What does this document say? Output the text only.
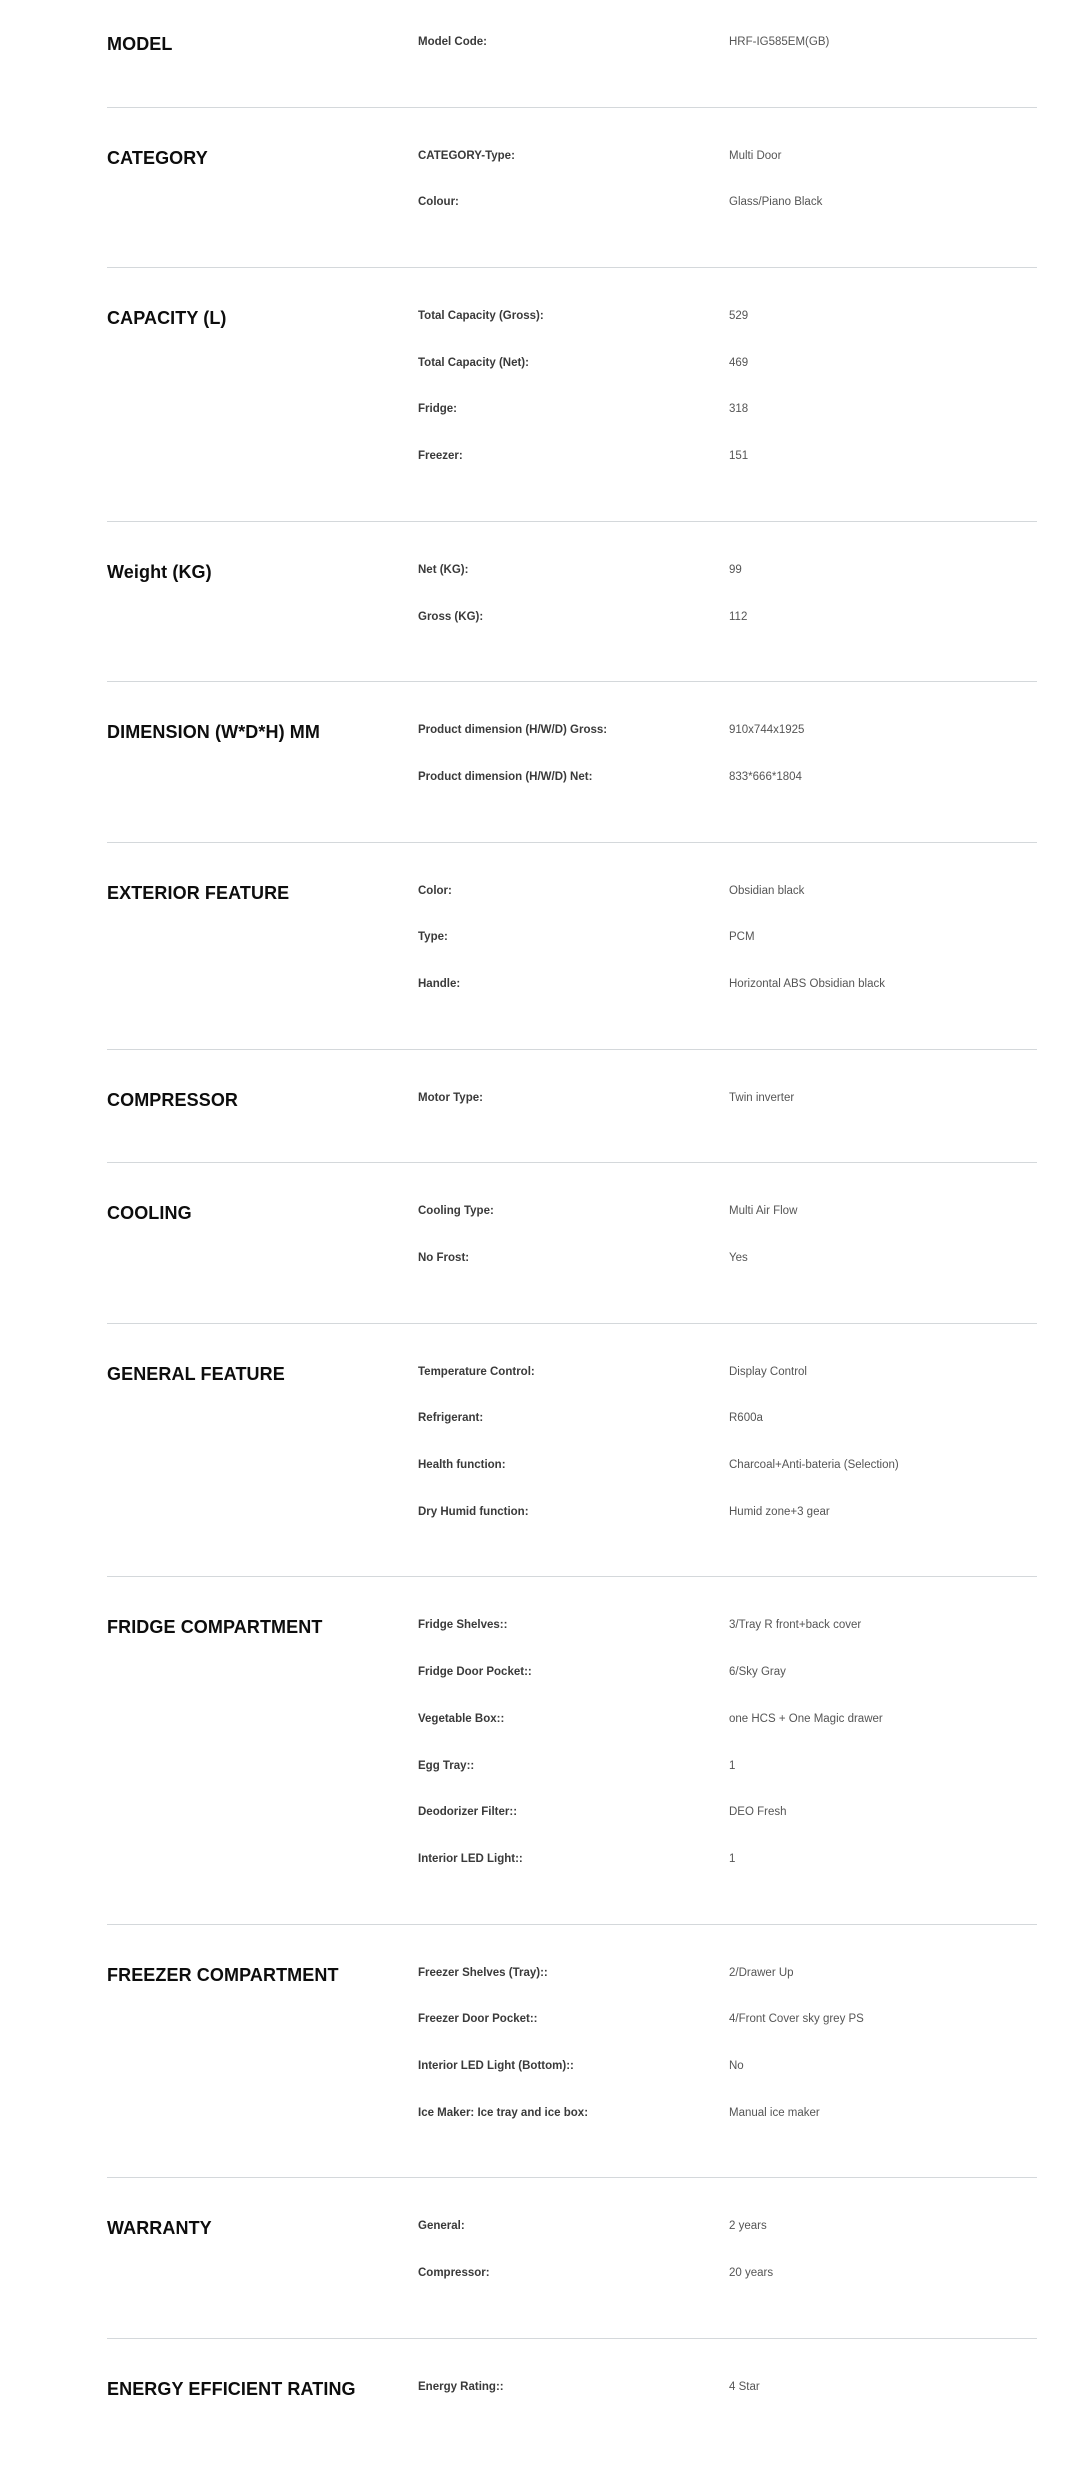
MODEL	Model Code:	HRF-IG585EM(GB)
CATEGORY	CATEGORY-Type:	Multi Door
Colour:	Glass/Piano Black
CAPACITY (L)	Total Capacity (Gross):	529
Total Capacity (Net):	469
Fridge:	318
Freezer:	151
Weight (KG)	Net (KG):	99
Gross (KG):	112
DIMENSION (W*D*H) MM	Product dimension (H/W/D) Gross:	910x744x1925
Product dimension (H/W/D) Net:	833*666*1804
EXTERIOR FEATURE	Color:	Obsidian black
Type:	PCM
Handle:	Horizontal ABS Obsidian black
COMPRESSOR	Motor Type:	Twin inverter
COOLING	Cooling Type:	Multi Air Flow
No Frost:	Yes
GENERAL FEATURE	Temperature Control:	Display Control
Refrigerant:	R600a
Health function:	Charcoal+Anti-bateria (Selection)
Dry Humid function:	Humid zone+3 gear
FRIDGE COMPARTMENT	Fridge Shelves::	3/Tray R front+back cover
Fridge Door Pocket::	6/Sky Gray
Vegetable Box::	one HCS + One Magic drawer
Egg Tray::	1
Deodorizer Filter::	DEO Fresh
Interior LED Light::	1
FREEZER COMPARTMENT	Freezer Shelves (Tray)::	2/Drawer Up
Freezer Door Pocket::	4/Front Cover sky grey PS
Interior LED Light (Bottom)::	No
Ice Maker: Ice tray and ice box:	Manual ice maker
WARRANTY	General:	2 years
Compressor:	20 years
ENERGY EFFICIENT RATING	Energy Rating::	4 Star
